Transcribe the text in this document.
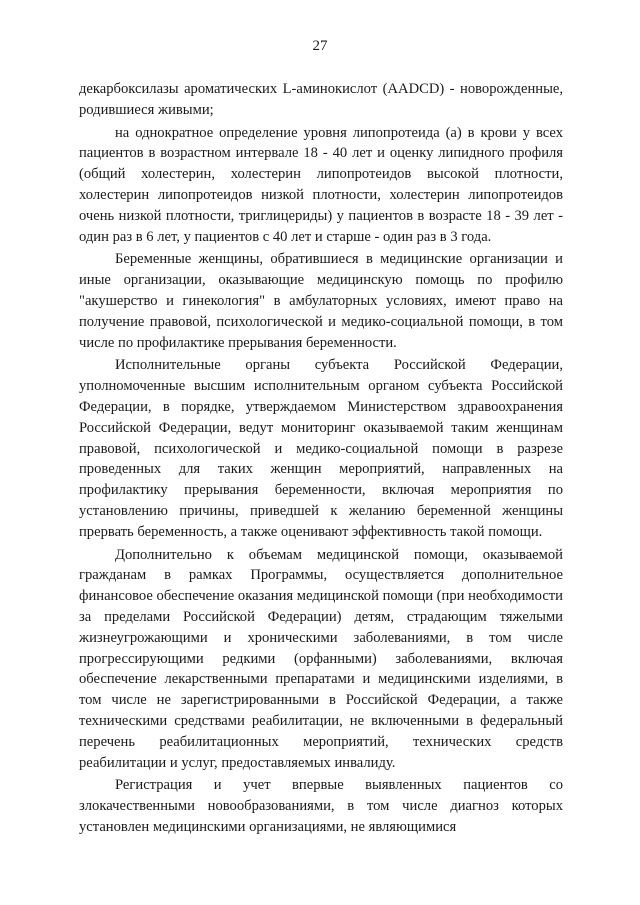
27

декарбоксилазы ароматических L-аминокислот (AADCD) - новорожденные, родившиеся живыми;

на однократное определение уровня липопротеида (а) в крови у всех пациентов в возрастном интервале 18 - 40 лет и оценку липидного профиля (общий холестерин, холестерин липопротеидов высокой плотности, холестерин липопротеидов низкой плотности, холестерин липопротеидов очень низкой плотности, триглицериды) у пациентов в возрасте 18 - 39 лет - один раз в 6 лет, у пациентов с 40 лет и старше - один раз в 3 года.

Беременные женщины, обратившиеся в медицинские организации и иные организации, оказывающие медицинскую помощь по профилю "акушерство и гинекология" в амбулаторных условиях, имеют право на получение правовой, психологической и медико-социальной помощи, в том числе по профилактике прерывания беременности.

Исполнительные органы субъекта Российской Федерации, уполномоченные высшим исполнительным органом субъекта Российской Федерации, в порядке, утверждаемом Министерством здравоохранения Российской Федерации, ведут мониторинг оказываемой таким женщинам правовой, психологической и медико-социальной помощи в разрезе проведенных для таких женщин мероприятий, направленных на профилактику прерывания беременности, включая мероприятия по установлению причины, приведшей к желанию беременной женщины прервать беременность, а также оценивают эффективность такой помощи.

Дополнительно к объемам медицинской помощи, оказываемой гражданам в рамках Программы, осуществляется дополнительное финансовое обеспечение оказания медицинской помощи (при необходимости за пределами Российской Федерации) детям, страдающим тяжелыми жизнеугрожающими и хроническими заболеваниями, в том числе прогрессирующими редкими (орфанными) заболеваниями, включая обеспечение лекарственными препаратами и медицинскими изделиями, в том числе не зарегистрированными в Российской Федерации, а также техническими средствами реабилитации, не включенными в федеральный перечень реабилитационных мероприятий, технических средств реабилитации и услуг, предоставляемых инвалиду.

Регистрация и учет впервые выявленных пациентов со злокачественными новообразованиями, в том числе диагноз которых установлен медицинскими организациями, не являющимися
